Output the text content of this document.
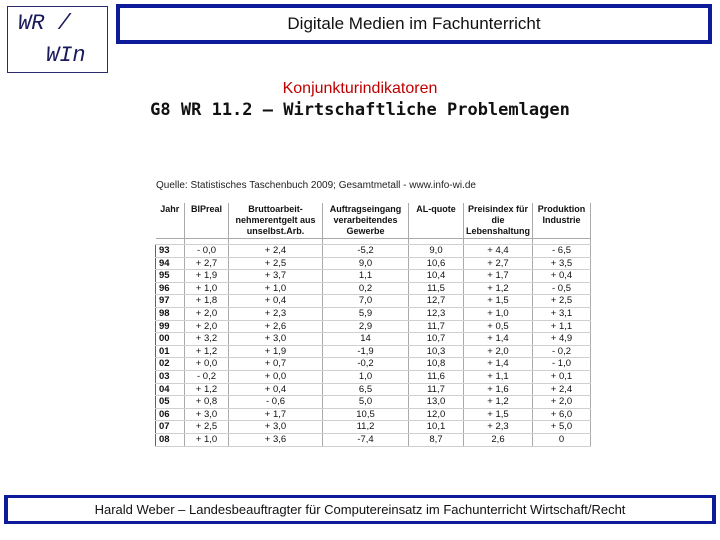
WR /
WIn
Digitale Medien im Fachunterricht
Konjunkturindikatoren
G8 WR 11.2 – Wirtschaftliche Problemlagen
Quelle: Statistisches Taschenbuch 2009; Gesamtmetall - www.info-wi.de
Jahr	BIPreal	Bruttoarbeit-nehmerentgelt aus unselbst.Arb.	Auftragseingang verarbeitendes Gewerbe	AL-quote	Preisindex für die Lebenshaltung	Produktion Industrie

93	- 0,0	+ 2,4	-5,2	9,0	+ 4,4	- 6,5
94	+ 2,7	+ 2,5	9,0	10,6	+ 2,7	+ 3,5
95	+ 1,9	+ 3,7	1,1	10,4	+ 1,7	+ 0,4
96	+ 1,0	+ 1,0	0,2	11,5	+ 1,2	- 0,5
97	+ 1,8	+ 0,4	7,0	12,7	+ 1,5	+ 2,5
98	+ 2,0	+ 2,3	5,9	12,3	+ 1,0	+ 3,1
99	+ 2,0	+ 2,6	2,9	11,7	+ 0,5	+ 1,1
00	+ 3,2	+ 3,0	14	10,7	+ 1,4	+ 4,9
01	+ 1,2	+ 1,9	-1,9	10,3	+ 2,0	- 0,2
02	+ 0,0	+ 0,7	-0,2	10,8	+ 1,4	- 1,0
03	- 0,2	+ 0,0	1,0	11,6	+ 1,1	+ 0,1
04	+ 1,2	+ 0,4	6,5	11,7	+ 1,6	+ 2,4
05	+ 0,8	- 0,6	5,0	13,0	+ 1,2	+ 2,0
06	+ 3,0	+ 1,7	10,5	12,0	+ 1,5	+ 6,0
07	+ 2,5	+ 3,0	11,2	10,1	+ 2,3	+ 5,0
08	+ 1,0	+ 3,6	-7,4	8,7	2,6	0
Harald Weber – Landesbeauftragter für Computereinsatz im Fachunterricht Wirtschaft/Recht
